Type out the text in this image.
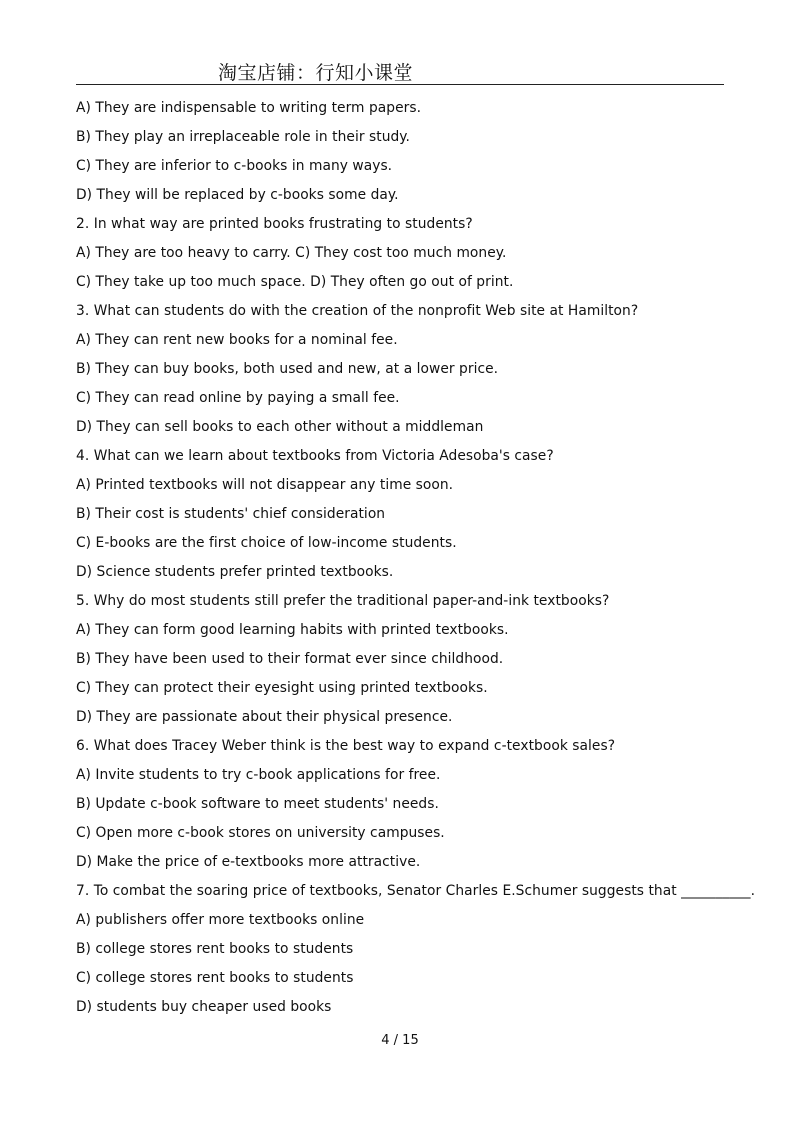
淘宝店铺：行知小课堂
A) They are indispensable to writing term papers.
B) They play an irreplaceable role in their study.
C) They are inferior to c-books in many ways.
D) They will be replaced by c-books some day.
2. In what way are printed books frustrating to students?
A) They are too heavy to carry. C) They cost too much money.
C) They take up too much space. D) They often go out of print.
3. What can students do with the creation of the nonprofit Web site at Hamilton?
A) They can rent new books for a nominal fee.
B) They can buy books, both used and new, at a lower price.
C) They can read online by paying a small fee.
D) They can sell books to each other without a middleman
4. What can we learn about textbooks from Victoria Adesoba's case?
A) Printed textbooks will not disappear any time soon.
B) Their cost is students' chief consideration
C) E-books are the first choice of low-income students.
D) Science students prefer printed textbooks.
5. Why do most students still prefer the traditional paper-and-ink textbooks?
A) They can form good learning habits with printed textbooks.
B) They have been used to their format ever since childhood.
C) They can protect their eyesight using printed textbooks.
D) They are passionate about their physical presence.
6. What does Tracey Weber think is the best way to expand c-textbook sales?
A) Invite students to try c-book applications for free.
B) Update c-book software to meet students' needs.
C) Open more c-book stores on university campuses.
D) Make the price of e-textbooks more attractive.
7. To combat the soaring price of textbooks, Senator Charles E.Schumer suggests that __________.
A) publishers offer more textbooks online
B) college stores rent books to students
C) college stores rent books to students
D) students buy cheaper used books
4 / 15
